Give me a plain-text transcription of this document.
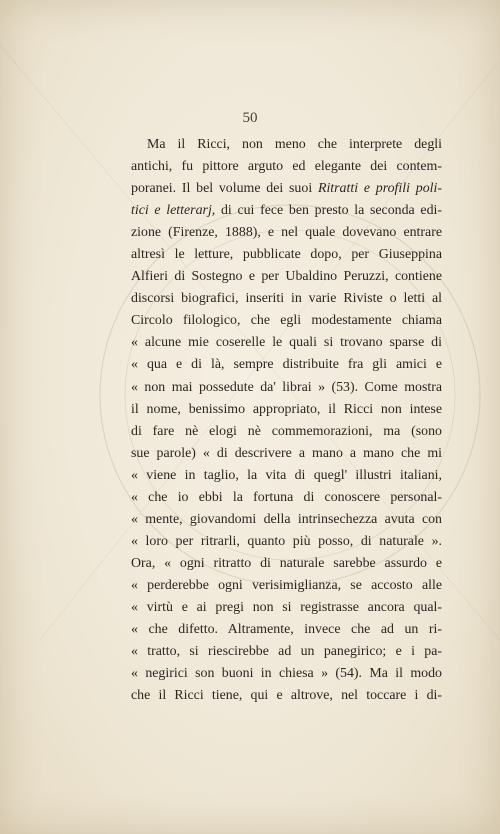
50
Ma il Ricci, non meno che interprete degli
antichi, fu pittore arguto ed elegante dei contem-
poranei. Il bel volume dei suoi Ritratti e profili poli-
tici e letterarj, di cui fece ben presto la seconda edi-
zione (Firenze, 1888), e nel quale dovevano entrare
altresì le letture, pubblicate dopo, per Giuseppina
Alfieri di Sostegno e per Ubaldino Peruzzi, contiene
discorsi biografici, inseriti in varie Riviste o letti al
Circolo filologico, che egli modestamente chiama
« alcune mie coserelle le quali si trovano sparse di
« qua e di là, sempre distribuite fra gli amici e
« non mai possedute da' librai » (53). Come mostra
il nome, benissimo appropriato, il Ricci non intese
di fare nè elogi nè commemorazioni, ma (sono
sue parole) « di descrivere a mano a mano che mi
« viene in taglio, la vita di quegl' illustri italiani,
« che io ebbi la fortuna di conoscere personal-
« mente, giovandomi della intrinsechezza avuta con
« loro per ritrarli, quanto più posso, di naturale ».
Ora, « ogni ritratto di naturale sarebbe assurdo e
« perderebbe ogni verisimiglianza, se accosto alle
« virtù e ai pregi non si registrasse ancora qual-
« che difetto. Altramente, invece che ad un ri-
« tratto, si riescirebbe ad un panegirico; e i pa-
« negirici son buoni in chiesa » (54). Ma il modo
che il Ricci tiene, qui e altrove, nel toccare i di-
